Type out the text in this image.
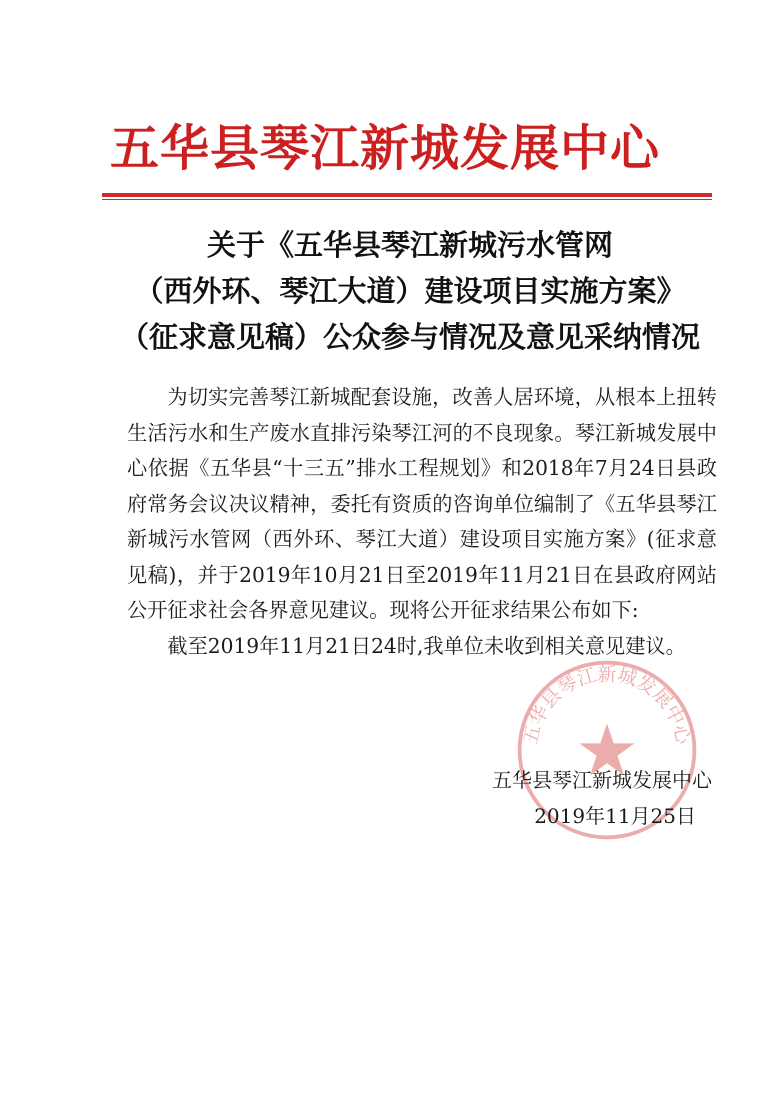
五华县琴江新城发展中心
关于《五华县琴江新城污水管网
（西外环、琴江大道）建设项目实施方案》
（征求意见稿）公众参与情况及意见采纳情况

为切实完善琴江新城配套设施，改善人居环境，从根本上扭转生活污水和生产废水直排污染琴江河的不良现象。琴江新城发展中心依据《五华县“十三五”排水工程规划》和2018年7月24日县政府常务会议决议精神，委托有资质的咨询单位编制了《五华县琴江新城污水管网（西外环、琴江大道）建设项目实施方案》(征求意见稿)，并于2019年10月21日至2019年11月21日在县政府网站公开征求社会各界意见建议。现将公开征求结果公布如下:

截至2019年11月21日24时,我单位未收到相关意见建议。

五华县琴江新城发展中心
五华县琴江新城发展中心
2019年11月25日
